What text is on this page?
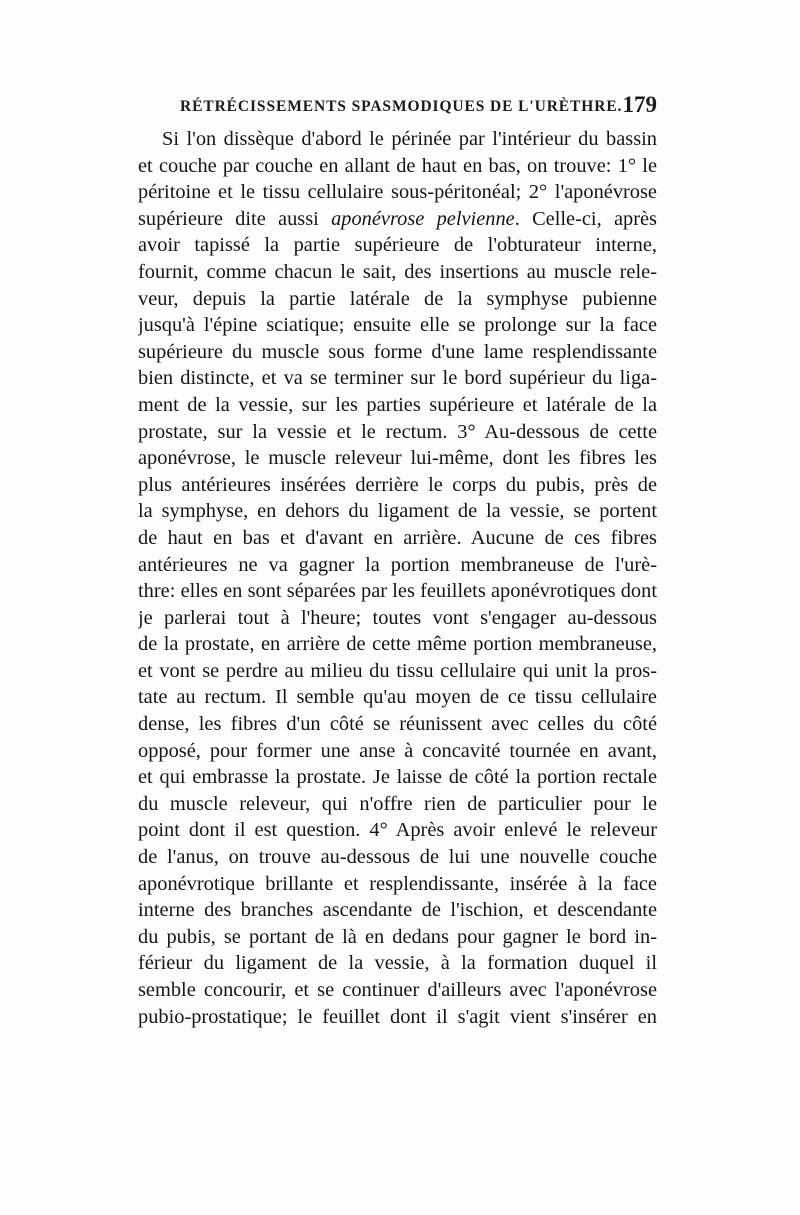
RÉTRÉCISSEMENTS SPASMODIQUES DE L'URÈTHRE. 179
Si l'on dissèque d'abord le périnée par l'intérieur du bassin
et couche par couche en allant de haut en bas, on trouve: 1° le
péritoine et le tissu cellulaire sous-péritonéal; 2° l'aponévrose
supérieure dite aussi aponévrose pelvienne. Celle-ci, après
avoir tapissé la partie supérieure de l'obturateur interne,
fournit, comme chacun le sait, des insertions au muscle rele-
veur, depuis la partie latérale de la symphyse pubienne
jusqu'à l'épine sciatique; ensuite elle se prolonge sur la face
supérieure du muscle sous forme d'une lame resplendissante
bien distincte, et va se terminer sur le bord supérieur du liga-
ment de la vessie, sur les parties supérieure et latérale de la
prostate, sur la vessie et le rectum. 3° Au-dessous de cette
aponévrose, le muscle releveur lui-même, dont les fibres les
plus antérieures insérées derrière le corps du pubis, près de
la symphyse, en dehors du ligament de la vessie, se portent
de haut en bas et d'avant en arrière. Aucune de ces fibres
antérieures ne va gagner la portion membraneuse de l'urè-
thre: elles en sont séparées par les feuillets aponévrotiques dont
je parlerai tout à l'heure; toutes vont s'engager au-dessous
de la prostate, en arrière de cette même portion membraneuse,
et vont se perdre au milieu du tissu cellulaire qui unit la pros-
tate au rectum. Il semble qu'au moyen de ce tissu cellulaire
dense, les fibres d'un côté se réunissent avec celles du côté
opposé, pour former une anse à concavité tournée en avant,
et qui embrasse la prostate. Je laisse de côté la portion rectale
du muscle releveur, qui n'offre rien de particulier pour le
point dont il est question. 4° Après avoir enlevé le releveur
de l'anus, on trouve au-dessous de lui une nouvelle couche
aponévrotique brillante et resplendissante, insérée à la face
interne des branches ascendante de l'ischion, et descendante
du pubis, se portant de là en dedans pour gagner le bord in-
férieur du ligament de la vessie, à la formation duquel il
semble concourir, et se continuer d'ailleurs avec l'aponévrose
pubio-prostatique; le feuillet dont il s'agit vient s'insérer en
